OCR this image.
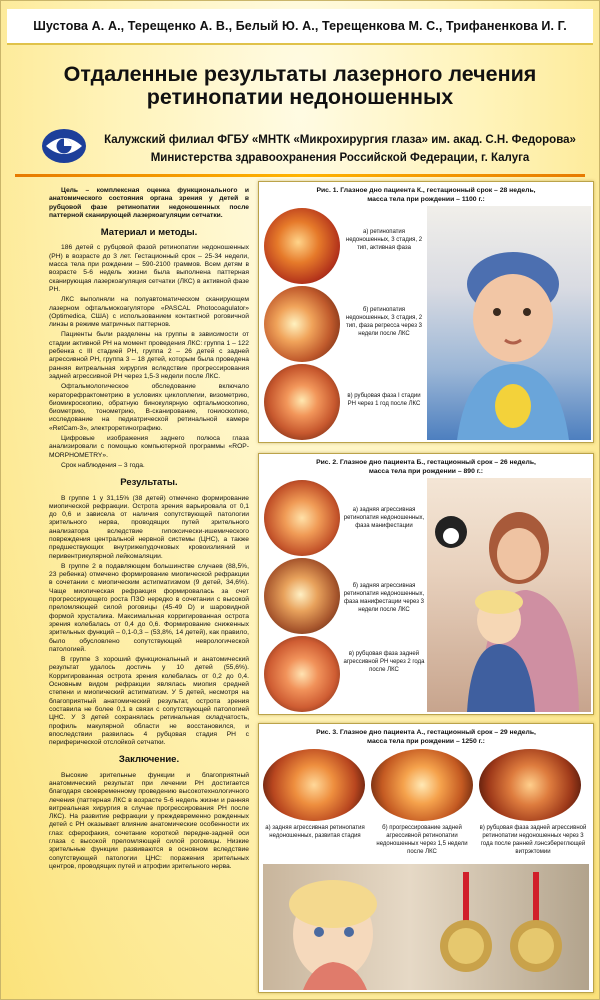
Шустова А. А., Терещенко А. В., Белый Ю. А., Терещенкова М. С., Трифаненкова И. Г.
Отдаленные результаты лазерного лечения
ретинопатии недоношенных
Калужский филиал ФГБУ «МНТК «Микрохирургия глаза» им. акад. С.Н. Федорова»
Министерства здравоохранения Российской Федерации, г. Калуга

Цель – комплексная оценка функционального и анатомического состояния органа зрения у детей в рубцовой фазе ретинопатии недоношенных после паттерной сканирующей лазеркоагуляции сетчатки.

Материал и методы.

186 детей с рубцовой фазой ретинопатии недоношенных (РН) в возрасте до 3 лет. Гестационный срок – 25-34 недели, масса тела при рождении – 590-2100 граммов. Всем детям в возрасте 5-6 недель жизни была выполнена паттерная сканирующая лазеркоагуляция сетчатки (ЛКС) в активной фазе РН.

ЛКС выполняли на полуавтоматическом сканирующем лазерном офтальмокоагуляторе «PASCAL Photocoagulator» (Optimedica, США) с использованием контактной роговичной линзы в режиме матричных паттернов.

Пациенты были разделены на группы в зависимости от стадии активной РН на момент проведения ЛКС: группа 1 – 122 ребенка с III стадией РН, группа 2 – 26 детей с задней агрессивной РН, группа 3 – 18 детей, которым была проведена ранняя витреальная хирургия вследствие прогрессирования задней агрессивной РН через 1,5-3 недели после ЛКС.

Офтальмологическое обследование включало кераторефрактометрию в условиях циклоплегии, визометрию, биомикроскопию, обратную бинокулярную офтальмоскопию, биометрию, тонометрию, B-сканирование, гониоскопию, исследование на педиатрической ретинальной камере «RetCam-3», электроретинографию.

Цифровые изображения заднего полюса глаза анализировали с помощью компьютерной программы «ROP-MORPHOMETRY».

Срок наблюдения – 3 года.

Результаты.

В группе 1 у 31,15% (38 детей) отмечено формирование миопической рефракции. Острота зрения варьировала от 0,1 до 0,6 и зависела от наличия сопутствующей патологии зрительного нерва, проводящих путей зрительного анализатора вследствие гипоксически-ишемического повреждения центральной нервной системы (ЦНС), а также предшествующих внутрижелудочковых кровоизлияний и перивентрикулярной лейкомаляции.

В группе 2 в подавляющем большинстве случаев (88,5%, 23 ребенка) отмечено формирование миопической рефракции в сочетании с миопическим астигматизмом (9 детей, 34,6%). Чаще миопическая рефракция формировалась за счет прогрессирующего роста ПЗО нередко в сочетании с высокой преломляющей силой роговицы (45-49 D) и шаровидной формой хрусталика. Максимальная корригированная острота зрения колебалась от 0,4 до 0,6. Формирование сниженных зрительных функций – 0,1-0,3 – (53,8%, 14 детей), как правило, было обусловлено сопутствующей неврологической патологией.

В группе 3 хороший функциональный и анатомический результат удалось достичь у 10 детей (55,6%). Корригированная острота зрения колебалась от 0,2 до 0,4. Основным видом рефракции являлась миопия средней степени и миопический астигматизм. У 5 детей, несмотря на благоприятный анатомический результат, острота зрения составила не более 0,1 в связи с сопутствующей патологией ЦНС. У 3 детей сохранялась ретинальная складчатость, профиль макулярной области не восстановился, и впоследствии развилась 4 рубцовая стадия РН с периферической отслойкой сетчатки.

Заключение.

Высокие зрительные функции и благоприятный анатомический результат при лечении РН достигается благодаря своевременному проведению высокотехнологичного лечения (паттерная ЛКС в возрасте 5-6 недель жизни и ранняя витреальная хирургия в случае прогрессирования РН после ЛКС). На развитие рефракции у преждевременно рожденных детей с РН оказывает влияние анатомические особенности их глаз: сферофакия, сочетание короткой передне-задней оси глаза с высокой преломляющей силой роговицы. Низкие зрительные функции развиваются в основном вследствие сопутствующей патологии ЦНС: поражения зрительных центров, проводящих путей и атрофии зрительного нерва.

Рис. 1. Глазное дно пациента К., гестационный срок – 28 недель,
масса тела при рождении – 1100 г.:
а) ретинопатия недоношенных, 3 стадия, 2 тип, активная фаза
б) ретинопатия недоношенных, 3 стадия, 2 тип, фаза регресса через 3 недели после ЛКС
в) рубцовая фаза I стадии РН через 1 год после ЛКС
Рис. 2. Глазное дно пациента Б., гестационный срок – 26 недель,
масса тела при рождении – 890 г.:
а) задняя агрессивная ретинопатия недоношенных, фаза манифестации
б) задняя агрессивная ретинопатия недоношенных, фаза манифестации через 3 недели после ЛКС
в) рубцовая фаза задней агрессивной РН через 2 года после ЛКС
Рис. 3. Глазное дно пациента А., гестационный срок – 29 недель,
масса тела при рождении – 1250 г.:
а) задняя агрессивная ретинопатия недоношенных, развитая стадия
б) прогрессирование задней агрессивной ретинопатии недоношенных через 1,5 недели после ЛКС
в) рубцовая фаза задней агрессивной ретинопатии недоношенных через 3 года после ранней лэнсэбереглющей витрэктомии
